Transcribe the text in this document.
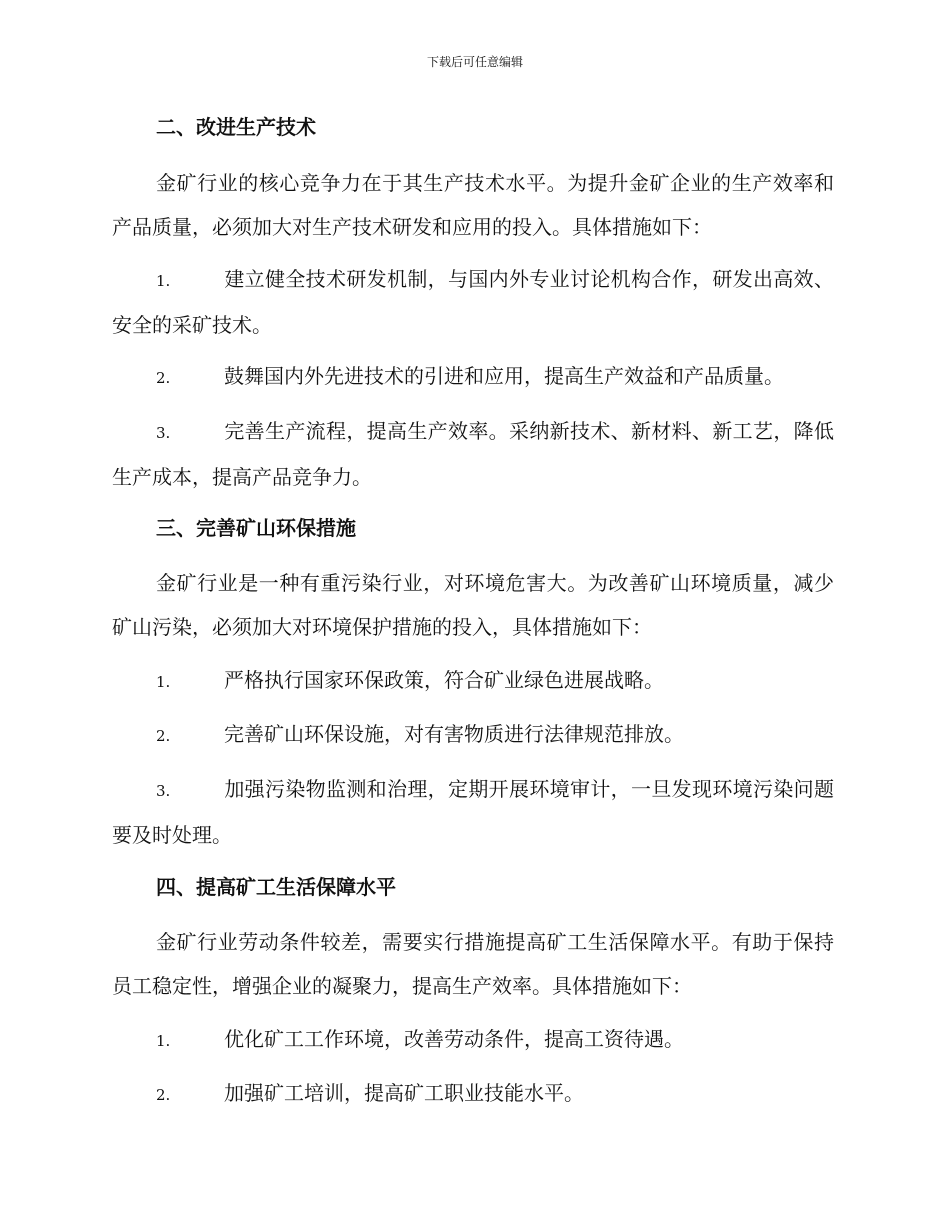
下载后可任意编辑

二、改进生产技术

金矿行业的核心竞争力在于其生产技术水平。为提升金矿企业的生产效率和产品质量，必须加大对生产技术研发和应用的投入。具体措施如下：

1.	建立健全技术研发机制，与国内外专业讨论机构合作，研发出高效、安全的采矿技术。

2.	鼓舞国内外先进技术的引进和应用，提高生产效益和产品质量。

3.	完善生产流程，提高生产效率。采纳新技术、新材料、新工艺，降低生产成本，提高产品竞争力。

三、完善矿山环保措施

金矿行业是一种有重污染行业，对环境危害大。为改善矿山环境质量，减少矿山污染，必须加大对环境保护措施的投入，具体措施如下：

1.	严格执行国家环保政策，符合矿业绿色进展战略。

2.	完善矿山环保设施，对有害物质进行法律规范排放。

3.	加强污染物监测和治理，定期开展环境审计，一旦发现环境污染问题要及时处理。

四、提高矿工生活保障水平

金矿行业劳动条件较差，需要实行措施提高矿工生活保障水平。有助于保持员工稳定性，增强企业的凝聚力，提高生产效率。具体措施如下：

1.	优化矿工工作环境，改善劳动条件，提高工资待遇。

2.	加强矿工培训，提高矿工职业技能水平。
